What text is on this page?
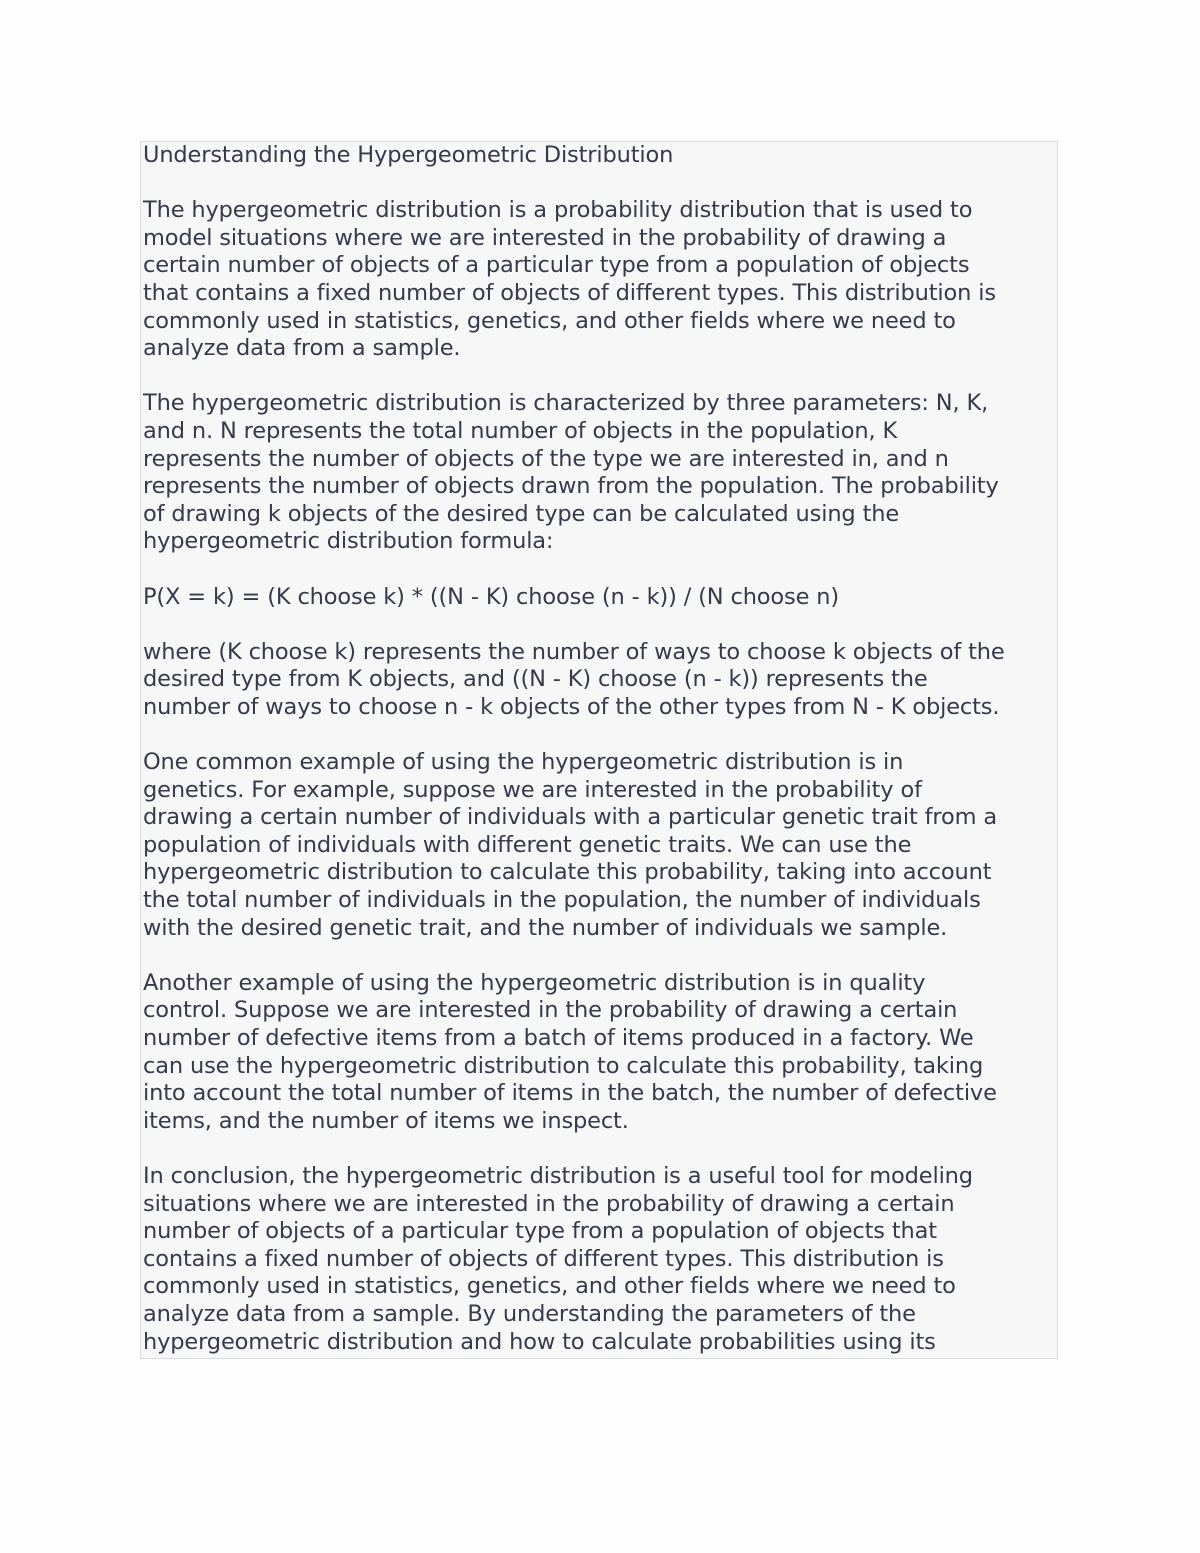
Understanding the Hypergeometric Distribution
The hypergeometric distribution is a probability distribution that is used to
model situations where we are interested in the probability of drawing a
certain number of objects of a particular type from a population of objects
that contains a fixed number of objects of different types. This distribution is
commonly used in statistics, genetics, and other fields where we need to
analyze data from a sample.
The hypergeometric distribution is characterized by three parameters: N, K,
and n. N represents the total number of objects in the population, K
represents the number of objects of the type we are interested in, and n
represents the number of objects drawn from the population. The probability
of drawing k objects of the desired type can be calculated using the
hypergeometric distribution formula:
P(X = k) = (K choose k) * ((N - K) choose (n - k)) / (N choose n)
where (K choose k) represents the number of ways to choose k objects of the
desired type from K objects, and ((N - K) choose (n - k)) represents the
number of ways to choose n - k objects of the other types from N - K objects.
One common example of using the hypergeometric distribution is in
genetics. For example, suppose we are interested in the probability of
drawing a certain number of individuals with a particular genetic trait from a
population of individuals with different genetic traits. We can use the
hypergeometric distribution to calculate this probability, taking into account
the total number of individuals in the population, the number of individuals
with the desired genetic trait, and the number of individuals we sample.
Another example of using the hypergeometric distribution is in quality
control. Suppose we are interested in the probability of drawing a certain
number of defective items from a batch of items produced in a factory. We
can use the hypergeometric distribution to calculate this probability, taking
into account the total number of items in the batch, the number of defective
items, and the number of items we inspect.
In conclusion, the hypergeometric distribution is a useful tool for modeling
situations where we are interested in the probability of drawing a certain
number of objects of a particular type from a population of objects that
contains a fixed number of objects of different types. This distribution is
commonly used in statistics, genetics, and other fields where we need to
analyze data from a sample. By understanding the parameters of the
hypergeometric distribution and how to calculate probabilities using its
